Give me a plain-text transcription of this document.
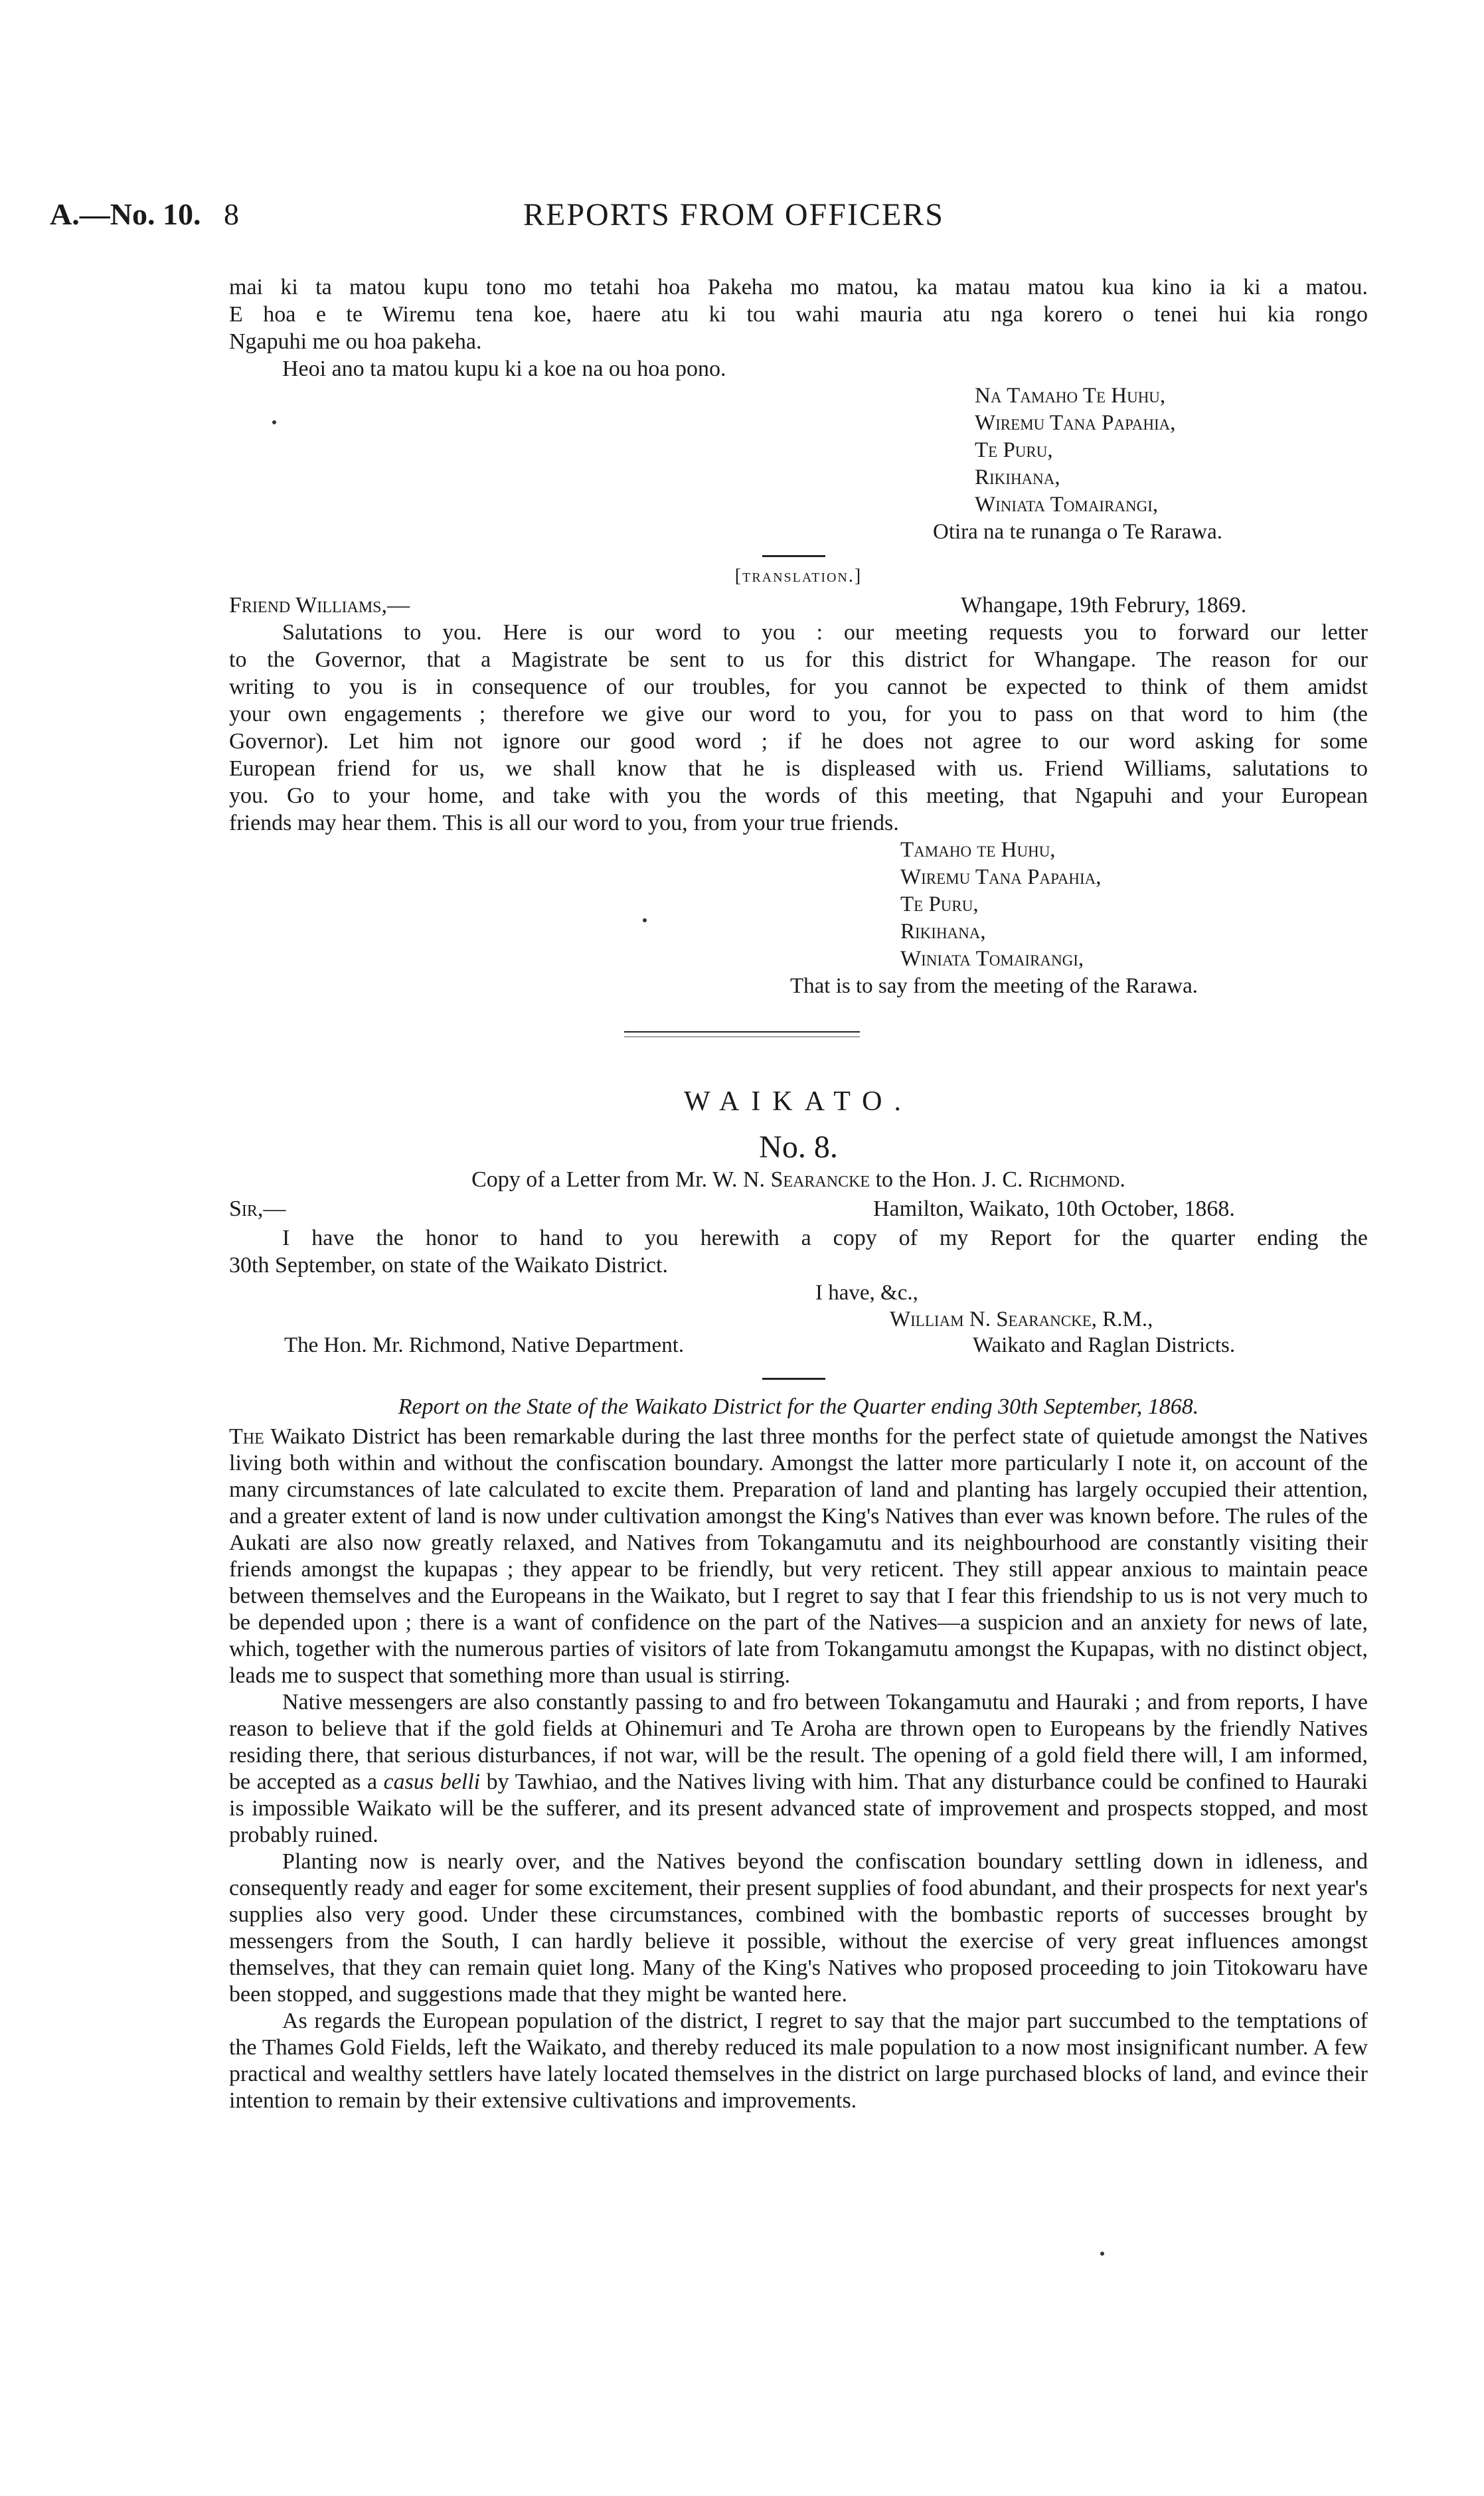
A.—No. 10. 8	REPORTS FROM OFFICERS

mai ki ta matou kupu tono mo tetahi hoa Pakeha mo matou, ka matau matou kua kino ia ki a matou.

E hoa e te Wiremu tena koe, haere atu ki tou wahi mauria atu nga korero o tenei hui kia rongo

Ngapuhi me ou hoa pakeha.

Heoi ano ta matou kupu ki a koe na ou hoa pono.

Na Tamaho Te Huhu,
Wiremu Tana Papahia,
Te Puru,
Rikihana,
Winiata Tomairangi,
Otira na te runanga o Te Rarawa.
[translation.]
Friend Williams,—	Whangape, 19th Februry, 1869.

Salutations to you. Here is our word to you : our meeting requests you to forward our letter

to the Governor, that a Magistrate be sent to us for this district for Whangape. The reason for our

writing to you is in consequence of our troubles, for you cannot be expected to think of them amidst

your own engagements ; therefore we give our word to you, for you to pass on that word to him (the

Governor). Let him not ignore our good word ; if he does not agree to our word asking for some

European friend for us, we shall know that he is displeased with us. Friend Williams, salutations to

you. Go to your home, and take with you the words of this meeting, that Ngapuhi and your European

friends may hear them. This is all our word to you, from your true friends.

Tamaho te Huhu,
Wiremu Tana Papahia,
Te Puru,
Rikihana,
Winiata Tomairangi,
That is to say from the meeting of the Rarawa.
WAIKATO.
No. 8.
Copy of a Letter from Mr. W. N. Searancke to the Hon. J. C. Richmond.
Sir,—	Hamilton, Waikato, 10th October, 1868.

I have the honor to hand to you herewith a copy of my Report for the quarter ending the

30th September, on state of the Waikato District.

I have, &c.,
William N. Searancke, R.M.,
The Hon. Mr. Richmond, Native Department.	Waikato and Raglan Districts.
Report on the State of the Waikato District for the Quarter ending 30th September, 1868.

The Waikato District has been remarkable during the last three months for the perfect state of quietude amongst the Natives living both within and without the confiscation boundary. Amongst the latter more particularly I note it, on account of the many circumstances of late calculated to excite them. Preparation of land and planting has largely occupied their attention, and a greater extent of land is now under cultivation amongst the King's Natives than ever was known before. The rules of the Aukati are also now greatly relaxed, and Natives from Tokangamutu and its neighbourhood are constantly visiting their friends amongst the kupapas ; they appear to be friendly, but very reticent. They still appear anxious to maintain peace between themselves and the Europeans in the Waikato, but I regret to say that I fear this friendship to us is not very much to be depended upon ; there is a want of confidence on the part of the Natives—a suspicion and an anxiety for news of late, which, together with the numerous parties of visitors of late from Tokangamutu amongst the Kupapas, with no distinct object, leads me to suspect that something more than usual is stirring.

Native messengers are also constantly passing to and fro between Tokangamutu and Hauraki ; and from reports, I have reason to believe that if the gold fields at Ohinemuri and Te Aroha are thrown open to Europeans by the friendly Natives residing there, that serious disturbances, if not war, will be the result. The opening of a gold field there will, I am informed, be accepted as a casus belli by Tawhiao, and the Natives living with him. That any disturbance could be confined to Hauraki is impossible Waikato will be the sufferer, and its present advanced state of improvement and prospects stopped, and most probably ruined.

Planting now is nearly over, and the Natives beyond the confiscation boundary settling down in idleness, and consequently ready and eager for some excitement, their present supplies of food abundant, and their prospects for next year's supplies also very good. Under these circumstances, combined with the bombastic reports of successes brought by messengers from the South, I can hardly believe it possible, without the exercise of very great influences amongst themselves, that they can remain quiet long. Many of the King's Natives who proposed proceeding to join Titokowaru have been stopped, and suggestions made that they might be wanted here.

As regards the European population of the district, I regret to say that the major part succumbed to the temptations of the Thames Gold Fields, left the Waikato, and thereby reduced its male population to a now most insignificant number. A few practical and wealthy settlers have lately located themselves in the district on large purchased blocks of land, and evince their intention to remain by their extensive cultivations and improvements.
